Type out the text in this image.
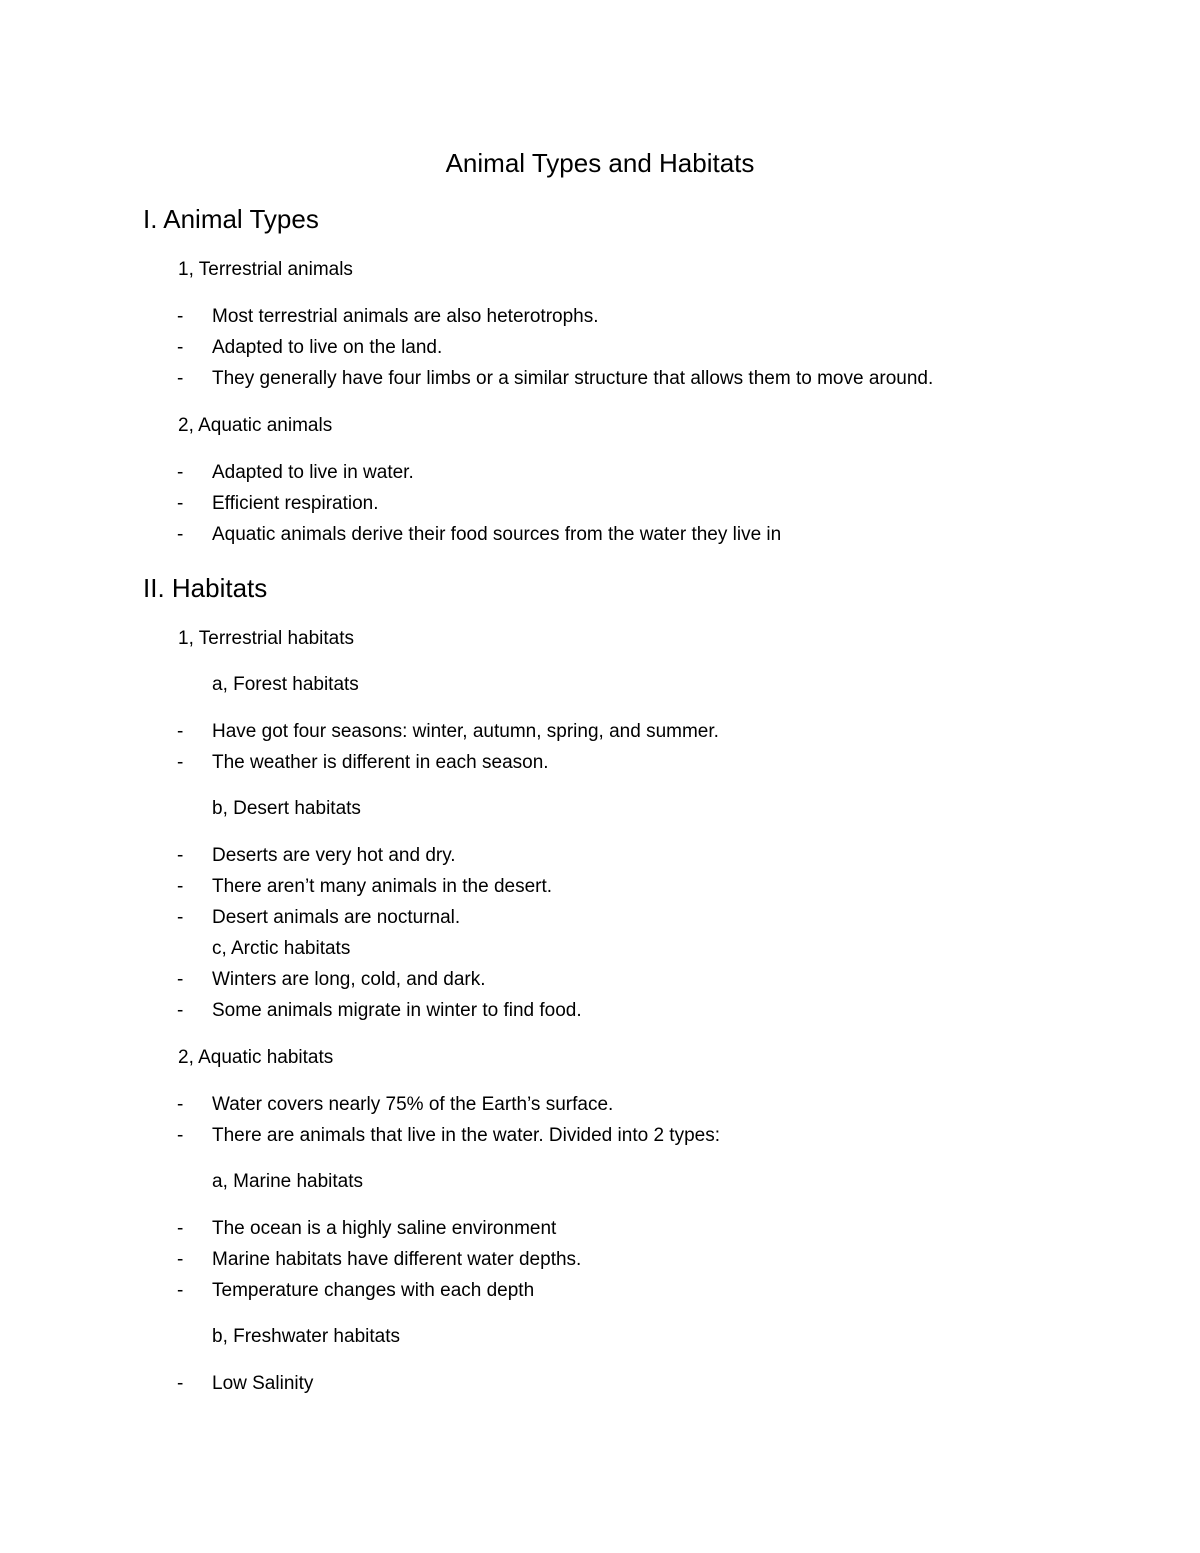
Animal Types and Habitats
I. Animal Types
1, Terrestrial animals
- Most terrestrial animals are also heterotrophs.
- Adapted to live on the land.
- They generally have four limbs or a similar structure that allows them to move around.
2, Aquatic animals
- Adapted to live in water.
- Efficient respiration.
- Aquatic animals derive their food sources from the water they live in
II. Habitats
1, Terrestrial habitats
a, Forest habitats
- Have got four seasons: winter, autumn, spring, and summer.
- The weather is different in each season.
b, Desert habitats
- Deserts are very hot and dry.
- There aren’t many animals in the desert.
- Desert animals are nocturnal.
c, Arctic habitats
- Winters are long, cold, and dark.
- Some animals migrate in winter to find food.
2, Aquatic habitats
- Water covers nearly 75% of the Earth’s surface.
- There are animals that live in the water. Divided into 2 types:
a, Marine habitats
- The ocean is a highly saline environment
- Marine habitats have different water depths.
- Temperature changes with each depth
b, Freshwater habitats
- Low Salinity
